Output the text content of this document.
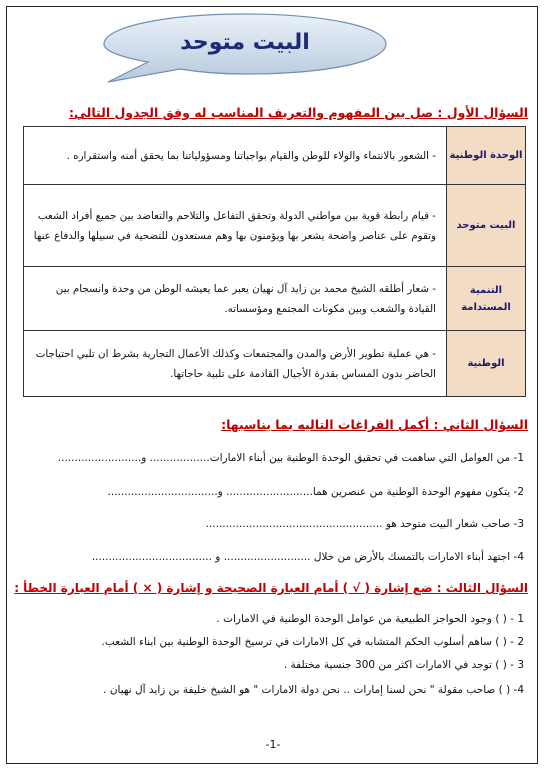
البيت متوحد
السؤال الأول : صل بين المفهوم والتعريف المناسب له وفق الجدول التالي:
الوحدة الوطنية	- الشعور بالانتماء والولاء للوطن والقيام بواجباتنا ومسؤولياتنا بما يحقق أمنه واستقراره .
البيت متوحد	- قيام رابطة قوية بين مواطني الدولة وتحقق التفاعل والتلاحم والتعاضد بين جميع أفراد الشعب وتقوم على عناصر واضحة يشعر بها ويؤمنون بها وهم مستعدون للتضحية في سبيلها والدفاع عنها
التنمية المستدامة	- شعار أطلقه الشيخ محمد بن زايد آل نهيان يعبر عما يعيشه الوطن من وحدة وانسجام بين القيادة والشعب وبين مكونات المجتمع ومؤسساته.
الوطنية	- هي عملية تطوير الأرض والمدن والمجتمعات وكذلك الأعمال التجارية بشرط ان تلبي احتياجات الحاضر بدون المساس بقدرة الأجيال القادمة على تلبية حاجاتها.
السؤال الثاني : أكمل الفراغات التاليه بما يناسبها:
1- من العوامل التي ساهمت في تحقيق الوحدة الوطنية بين أبناء الامارات.................. و.........................
2- يتكون مفهوم الوحدة الوطنية من عنصرين هما.......................... و.................................
3- صاحب شعار البيت متوحد هو .....................................................
4- اجتهد أبناء الامارات بالتمسك بالأرض من خلال .......................... و ....................................
السؤال الثالث : ضع إشارة ( √ ) أمام العبارة الصحيحة و إشارة ( × ) أمام العبارة الخطأ :
1 - ( ) وجود الحواجز الطبيعية من عوامل الوحدة الوطنية في الامارات .
2 - ( ) ساهم أسلوب الحكم المتشابه في كل الامارات في ترسيخ الوحدة الوطنية بين ابناء الشعب.
3 - ( ) توجد في الامارات اكثر من 300 جنسية مختلفة .
4- ( ) صاحب مقولة " نحن لسنا إمارات .. نحن دولة الامارات " هو الشيخ خليفة بن زايد آل نهيان .
-1-
